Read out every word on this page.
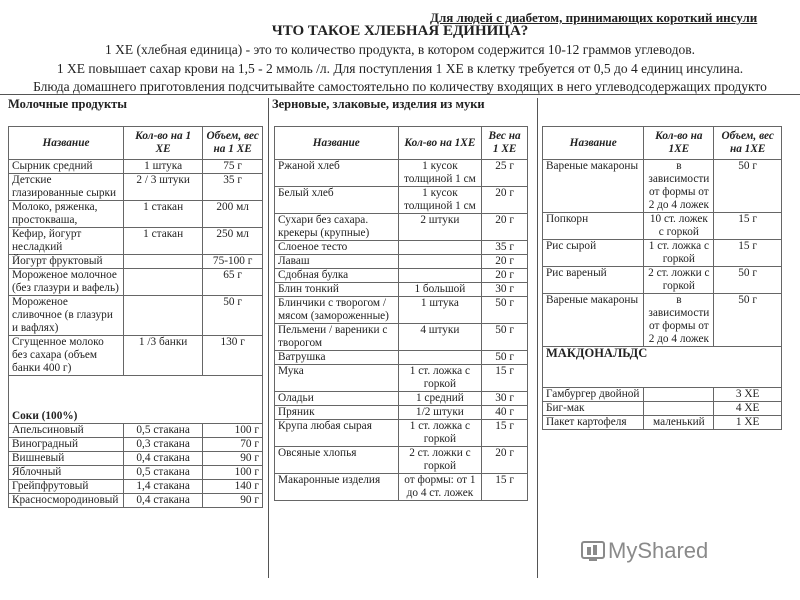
Для людей с диабетом, принимающих короткий инсули
ЧТО ТАКОЕ ХЛЕБНАЯ ЕДИНИЦА?
1 ХЕ (хлебная единица) - это то количество продукта, в котором содержится 10-12 граммов углеводов.
1 ХЕ повышает сахар крови на 1,5 - 2 ммоль /л. Для поступления 1 ХЕ в клетку требуется от 0,5 до 4 единиц инсулина.
Блюда домашнего приготовления подсчитывайте самостоятельно по количеству входящих в него углеводсодержащих продукто
Молочные продукты	Зерновые, злаковые, изделия из муки
Название	Кол-во на 1 ХЕ	Объем, вес на 1 ХЕ
Сырник средний	1 штука	75 г
Детские глазированные сырки	2 / 3 штуки	35 г
Молоко, ряженка, простокваша,	1 стакан	200 мл
Кефир, йогурт несладкий	1 стакан	250 мл
Йогурт фруктовый		75-100 г
Мороженое молочное (без глазури и вафель)		65 г
Мороженое сливочное (в глазури и вафлях)		50 г
Сгущенное молоко без сахара (объем банки 400 г)	1 /3 банки	130 г
Соки (100%)		
Апельсиновый	0,5 стакана	100 г
Виноградный	0,3 стакана	70 г
Вишневый	0,4 стакана	90 г
Яблочный	0,5 стакана	100 г
Грейпфрутовый	1,4 стакана	140 г
Красносмородиновый	0,4 стакана	90 г
Название	Кол-во на 1ХЕ	Вес на 1 ХЕ
Ржаной хлеб	1 кусок толщиной 1 см	25 г
Белый хлеб	1 кусок толщиной 1 см	20 г
Сухари без сахара. крекеры (крупные)	2 штуки	20 г
Слоеное тесто		35 г
Лаваш		20 г
Сдобная булка		20 г
Блин тонкий	1 большой	30 г
Блинчики с творогом / мясом (замороженные)	1 штука	50 г
Пельмени / вареники с творогом	4 штуки	50 г
Ватрушка		50 г
Мука	1 ст. ложка с горкой	15 г
Оладьи	1 средний	30 г
Пряник	1/2 штуки	40 г
Крупа любая сырая	1 ст. ложка с горкой	15 г
Овсяные хлопья	2 ст. ложки с горкой	20 г
Макаронные изделия	от формы: от 1 до 4 ст. ложек	15 г
Название	Кол-во на 1ХЕ	Объем, вес на 1ХЕ
Вареные макароны	в зависимости от формы от 2 до 4 ложек	50 г
Попкорн	10 ст. ложек с горкой	15 г
Рис сырой	1 ст. ложка с горкой	15 г
Рис вареный	2 ст. ложки с горкой	50 г
Вареные макароны	в зависимости от формы от 2 до 4 ложек	50 г
МАКДОНАЛЬДС		
Гамбургер двойной		3 ХЕ
Биг-мак		4 ХЕ
Пакет картофеля	маленький	1 ХЕ
MyShared
